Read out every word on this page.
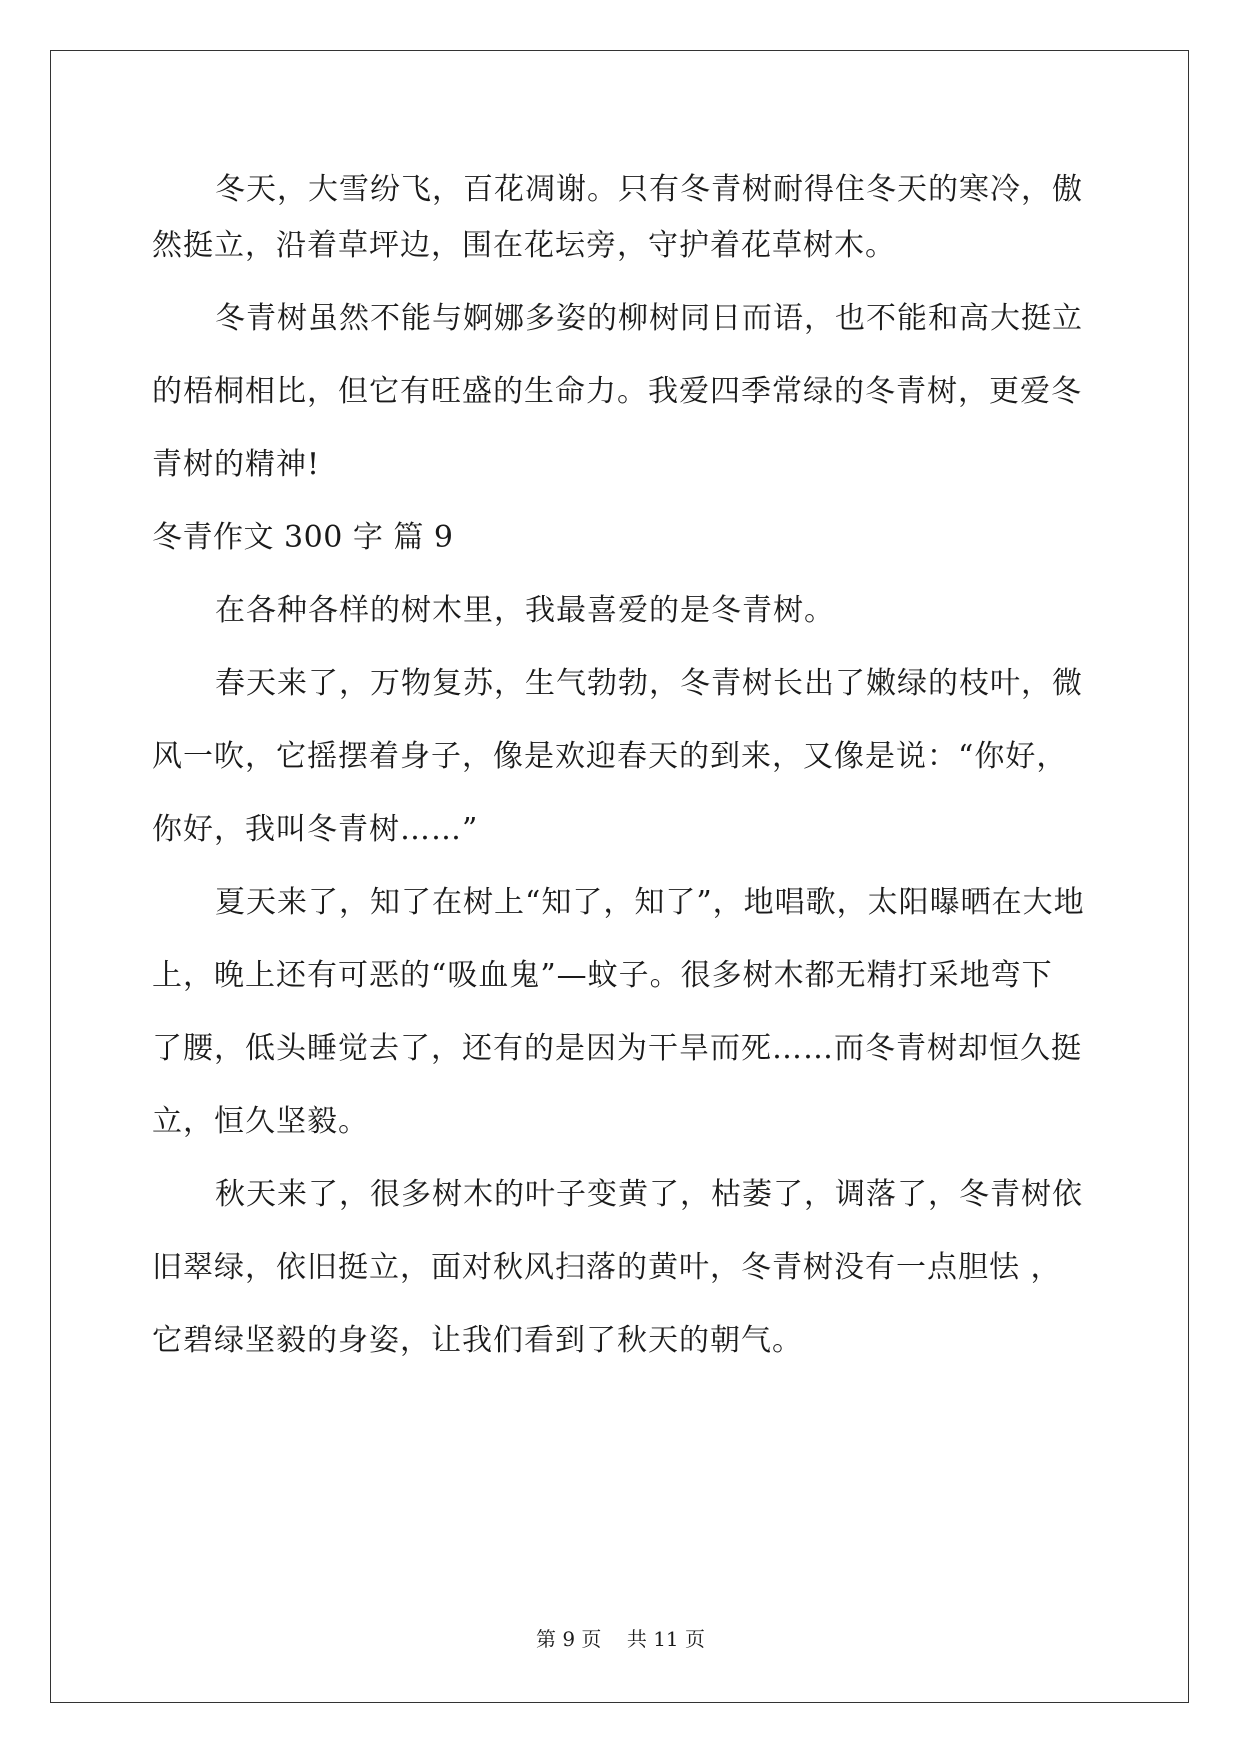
冬天，大雪纷飞，百花凋谢。只有冬青树耐得住冬天的寒冷，傲
然挺立，沿着草坪边，围在花坛旁，守护着花草树木。
冬青树虽然不能与婀娜多姿的柳树同日而语，也不能和高大挺立
的梧桐相比，但它有旺盛的生命力。我爱四季常绿的冬青树，更爱冬
青树的精神!
冬青作文 300 字 篇 9
在各种各样的树木里，我最喜爱的是冬青树。
春天来了，万物复苏，生气勃勃，冬青树长出了嫩绿的枝叶，微
风一吹，它摇摆着身子，像是欢迎春天的到来，又像是说：“你好，
你好，我叫冬青树……”
夏天来了，知了在树上“知了，知了”，地唱歌，太阳曝晒在大地
上，晚上还有可恶的“吸血鬼”—蚊子。很多树木都无精打采地弯下
了腰，低头睡觉去了，还有的是因为干旱而死……而冬青树却恒久挺
立，恒久坚毅。
秋天来了，很多树木的叶子变黄了，枯萎了，调落了，冬青树依
旧翠绿，依旧挺立，面对秋风扫落的黄叶，冬青树没有一点胆怯 ，
它碧绿坚毅的身姿，让我们看到了秋天的朝气。
第 9 页    共 11 页
